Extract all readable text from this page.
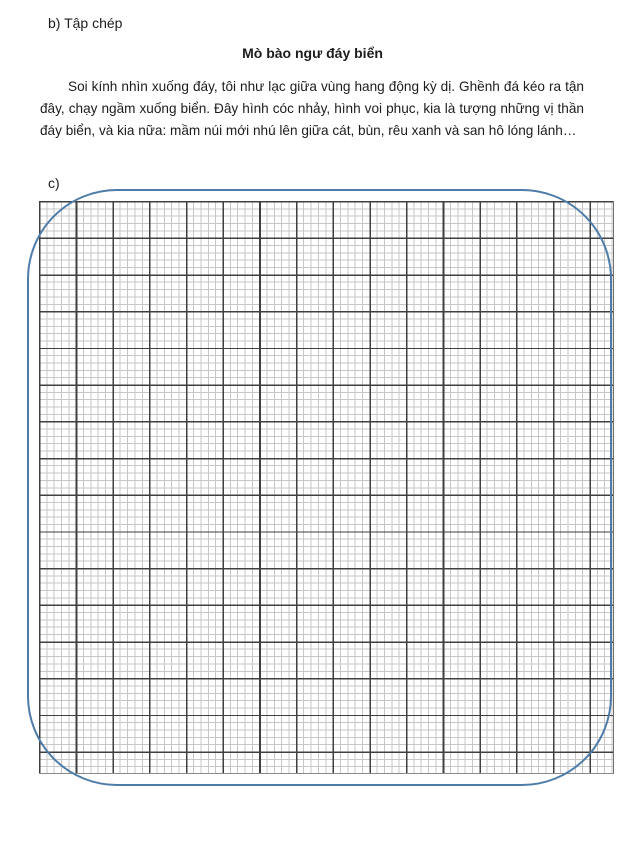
b) Tập chép
Mò bào ngư đáy biển

Soi kính nhìn xuống đáy, tôi như lạc giữa vùng hang động kỳ dị. Ghềnh đá kéo ra tận đây, chạy ngầm xuống biển. Đây hình cóc nhảy, hình voi phục, kia là tượng những vị thần đáy biển, và kia nữa: mầm núi mới nhú lên giữa cát, bùn, rêu xanh và san hô lóng lánh…

c)
